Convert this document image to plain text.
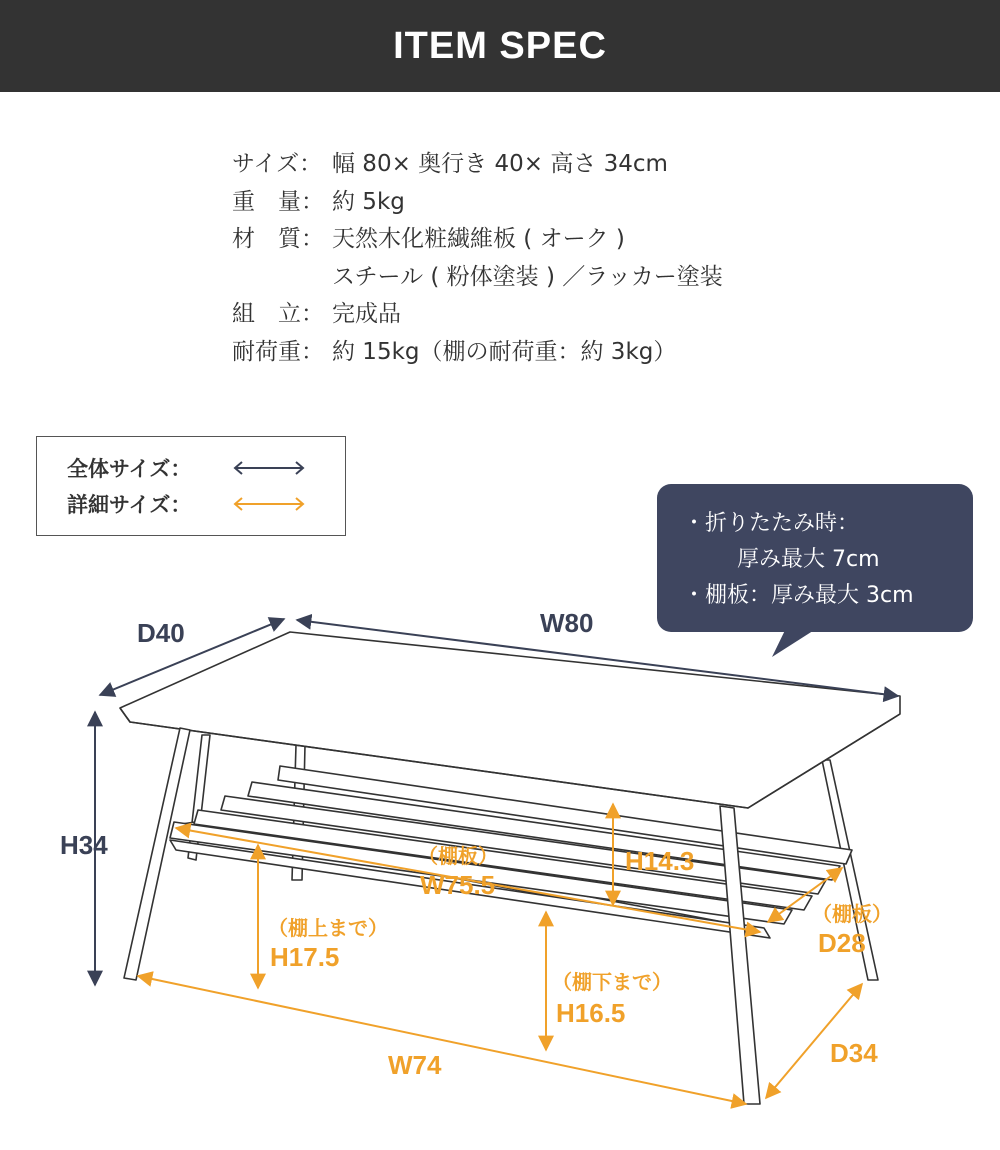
ITEM SPEC
サイズ： 幅 80× 奥行き 40× 高さ 34cm
重　量： 約 5kg
材　質： 天然木化粧繊維板 ( オーク )
スチール ( 粉体塗装 ) ／ラッカー塗装
組　立： 完成品
耐荷重： 約 15kg（棚の耐荷重：約 3kg）
全体サイズ：
詳細サイズ：
・折りたたみ時：
厚み最大 7cm
・棚板：厚み最大 3cm
D40	W80
H34	（棚板）
W75.5
H14.3
（棚板）
D28
（棚上まで）
H17.5
（棚下まで）
H16.5
W74	D34
